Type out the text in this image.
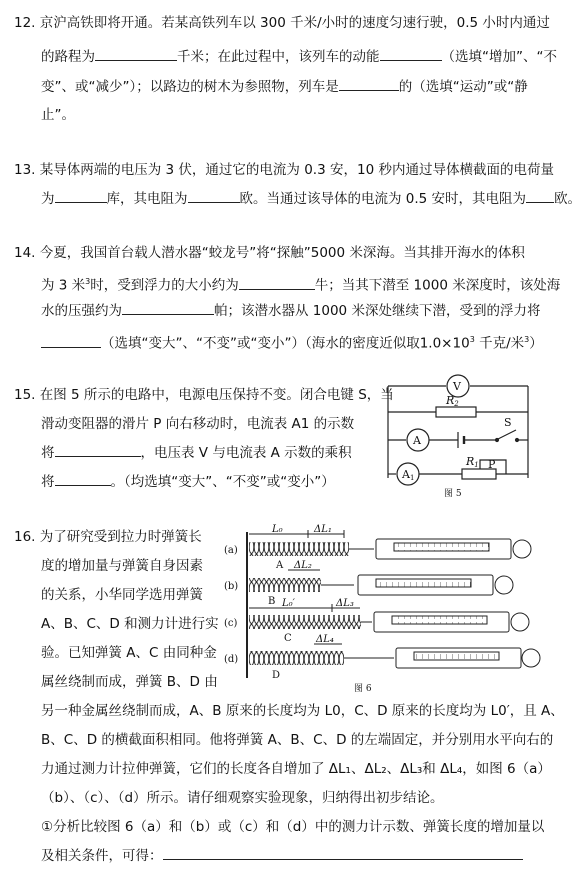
12. 京沪高铁即将开通。若某高铁列车以 300 千米/小时的速度匀速行驶，0.5 小时内通过
的路程为	千米；在此过程中，该列车的动能	（选填“增加”、“不
变”、或“减少”）；以路边的树木为参照物，列车是	的（选填“运动”或“静
止”。
13. 某导体两端的电压为 3 伏，通过它的电流为 0.3 安，10 秒内通过导体横截面的电荷量
为	库，其电阻为	欧。当通过该导体的电流为 0.5 安时，其电阻为 欧。
14. 今夏，我国首台载人潜水器“蛟龙号”将“探触”5000 米深海。当其排开海水的体积
为 3 米$^3$时，受到浮力的大小约为	牛；当其下潜至 1000 米深度时，该处海
水的压强约为	帕；该潜水器从 1000 米深处继续下潜，受到的浮力将
（选填“变大”、“不变”或“变小”）（海水的密度近似取$1.0\times 10^3$ 千克/米$^3$）
15. 在图 5 所示的电路中，电源电压保持不变。闭合电键 S，当
滑动变阻器的滑片 P 向右移动时，电流表 A1 的示数
将	，电压表 V 与电流表 A 示数的乘积
将	。（均选填“变大”、“不变”或“变小”）
V
R2
A
S
A1
R1 P
图 5
16. 为了研究受到拉力时弹簧长
度的增加量与弹簧自身因素
的关系，小华同学选用弹簧
A、B、C、D 和测力计进行实
验。已知弹簧 A、C 由同种金
属丝绕制而成，弹簧 B、D 由
另一种金属丝绕制而成，A、B 原来的长度均为 L0，C、D 原来的长度均为 L0′，且 A、
B、C、D 的横截面积相同。他将弹簧 A、B、C、D 的左端固定，并分别用水平向右的
力通过测力计拉伸弹簧，它们的长度各自增加了 ΔL₁、ΔL₂、ΔL₃和 ΔL₄，如图 6（a）
（b）、（c）、（d）所示。请仔细观察实验现象，归纳得出初步结论。
①分析比较图 6（a）和（b）或（c）和（d）中的测力计示数、弹簧长度的增加量以
及相关条件，可得：
(a)
(b)
(c)
(d)
A
B
C
D
L₀	ΔL₁
ΔL₂
L₀′	ΔL₃
ΔL₄
图 6
